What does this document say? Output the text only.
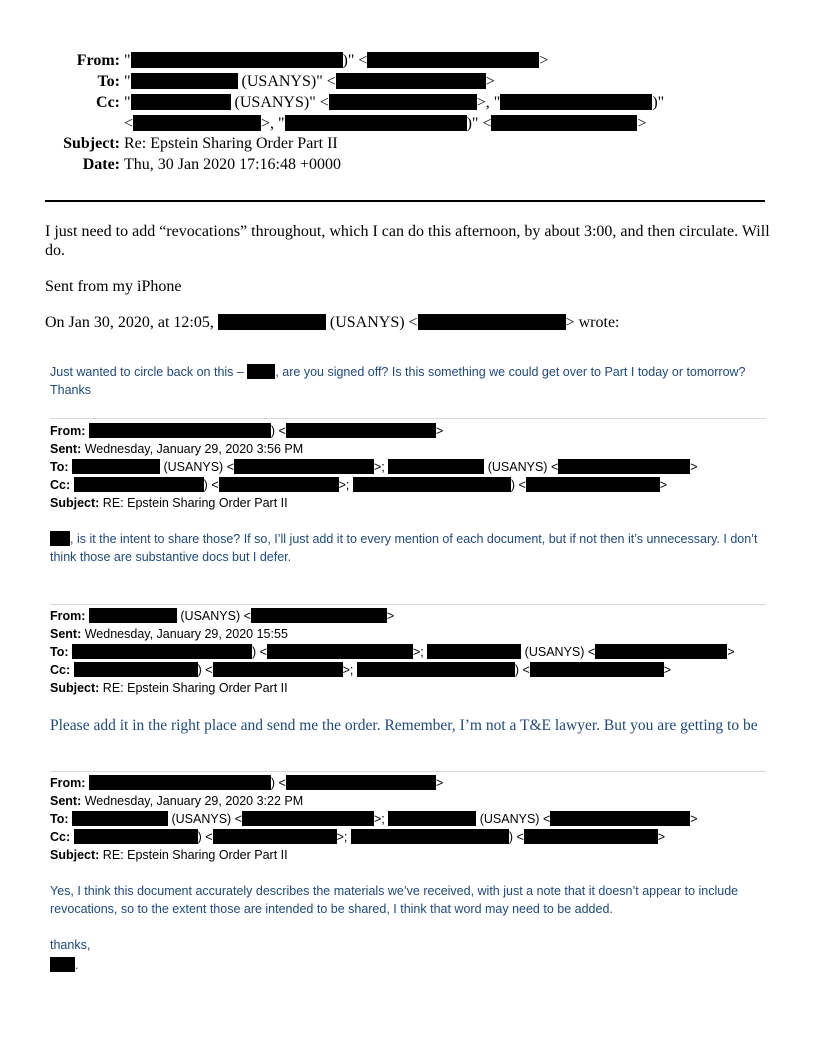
From: "	)" <	>
To: "	(USANYS)" <	>
Cc: "	(USANYS)" <	>, "	)"
<	>, "	)" <	>
Subject: Re: Epstein Sharing Order Part II
Date: Thu, 30 Jan 2020 17:16:48 +0000
I just need to add “revocations” throughout, which I can do this afternoon, by about 3:00, and then circulate. Will do.
Sent from my iPhone
On Jan 30, 2020, at 12:05,	(USANYS) <	> wrote:
Just wanted to circle back on this –	, are you signed off? Is this something we could get over to Part I today or tomorrow? Thanks
From:	) <	>
Sent: Wednesday, January 29, 2020 3:56 PM
To:	(USANYS) <	>;	(USANYS) <	>
Cc:	) <	>;	) <	>
Subject: RE: Epstein Sharing Order Part II
, is it the intent to share those? If so, I’ll just add it to every mention of each document, but if not then it’s unnecessary. I don’t think those are substantive docs but I defer.
From:	(USANYS) <	>
Sent: Wednesday, January 29, 2020 15:55
To:	) <	>;	(USANYS) <	>
Cc:	) <	>;	) <	>
Subject: RE: Epstein Sharing Order Part II
Please add it in the right place and send me the order. Remember, I’m not a T&E lawyer. But you are getting to be
From:	) <	>
Sent: Wednesday, January 29, 2020 3:22 PM
To:	(USANYS) <	>;	(USANYS) <	>
Cc:	) <	>;	) <	>
Subject: RE: Epstein Sharing Order Part II
Yes, I think this document accurately describes the materials we’ve received, with just a note that it doesn’t appear to include revocations, so to the extent those are intended to be shared, I think that word may need to be added.
thanks,
.
